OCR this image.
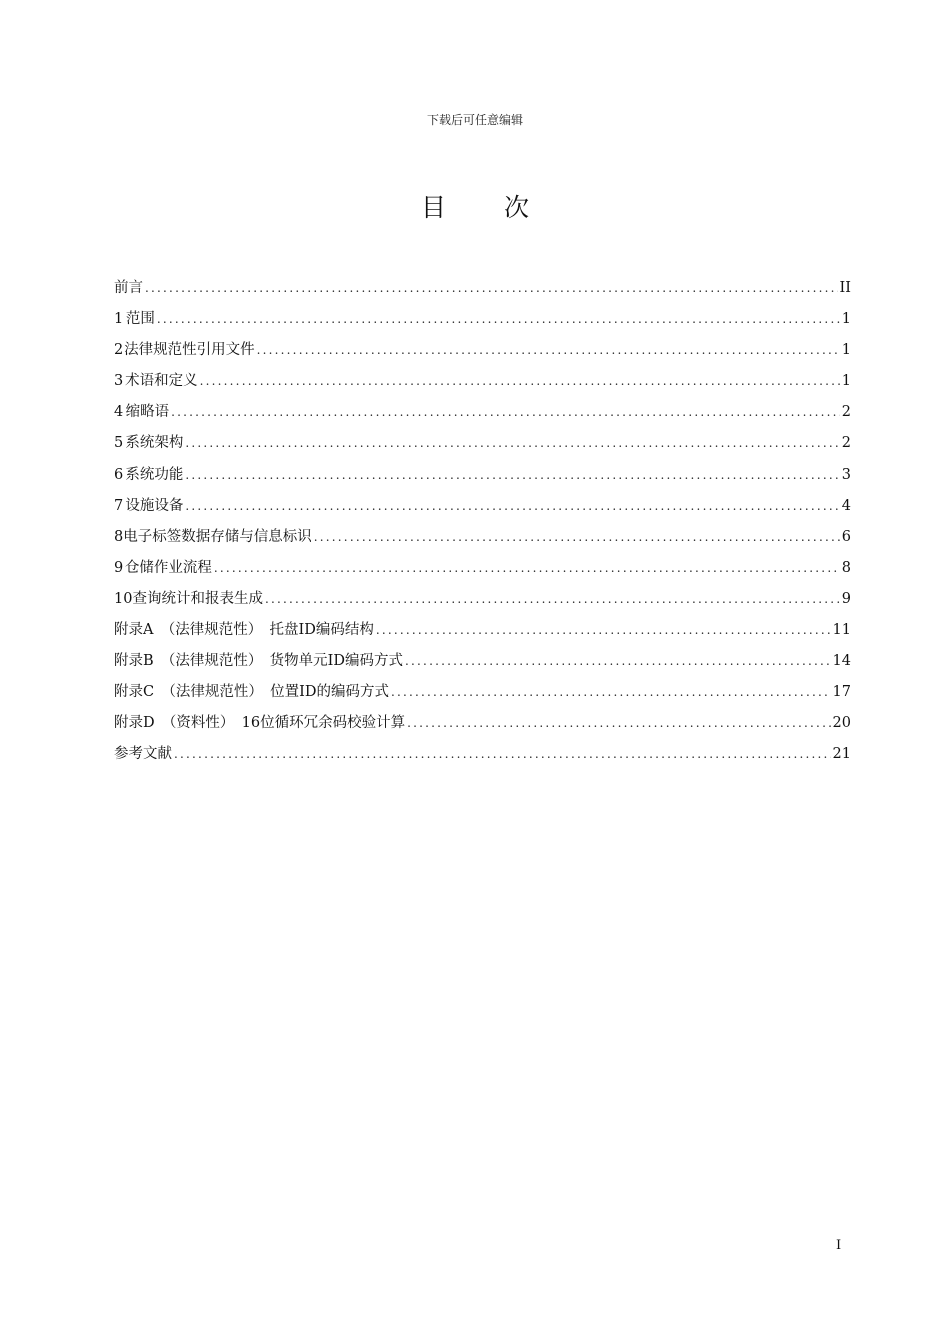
下载后可任意编辑
目 次
前言 .....	II
1 范围 .....	1
2 法律规范性引用文件 .....	1
3 术语和定义 .....	1
4 缩略语 .....	2
5 系统架构 .....	2
6 系统功能 .....	3
7 设施设备 .....	4
8 电子标签数据存储与信息标识 .....	6
9 仓储作业流程 .....	8
10 查询统计和报表生成 .....	9
附录A　（法律规范性）　托盘ID编码结构 .....	11
附录B　（法律规范性）　货物单元ID编码方式 .....	14
附录C　（法律规范性）　位置ID的编码方式 .....	17
附录D　（资料性）　16位循环冗余码校验计算 .....	20
参考文献 .....	21
I
